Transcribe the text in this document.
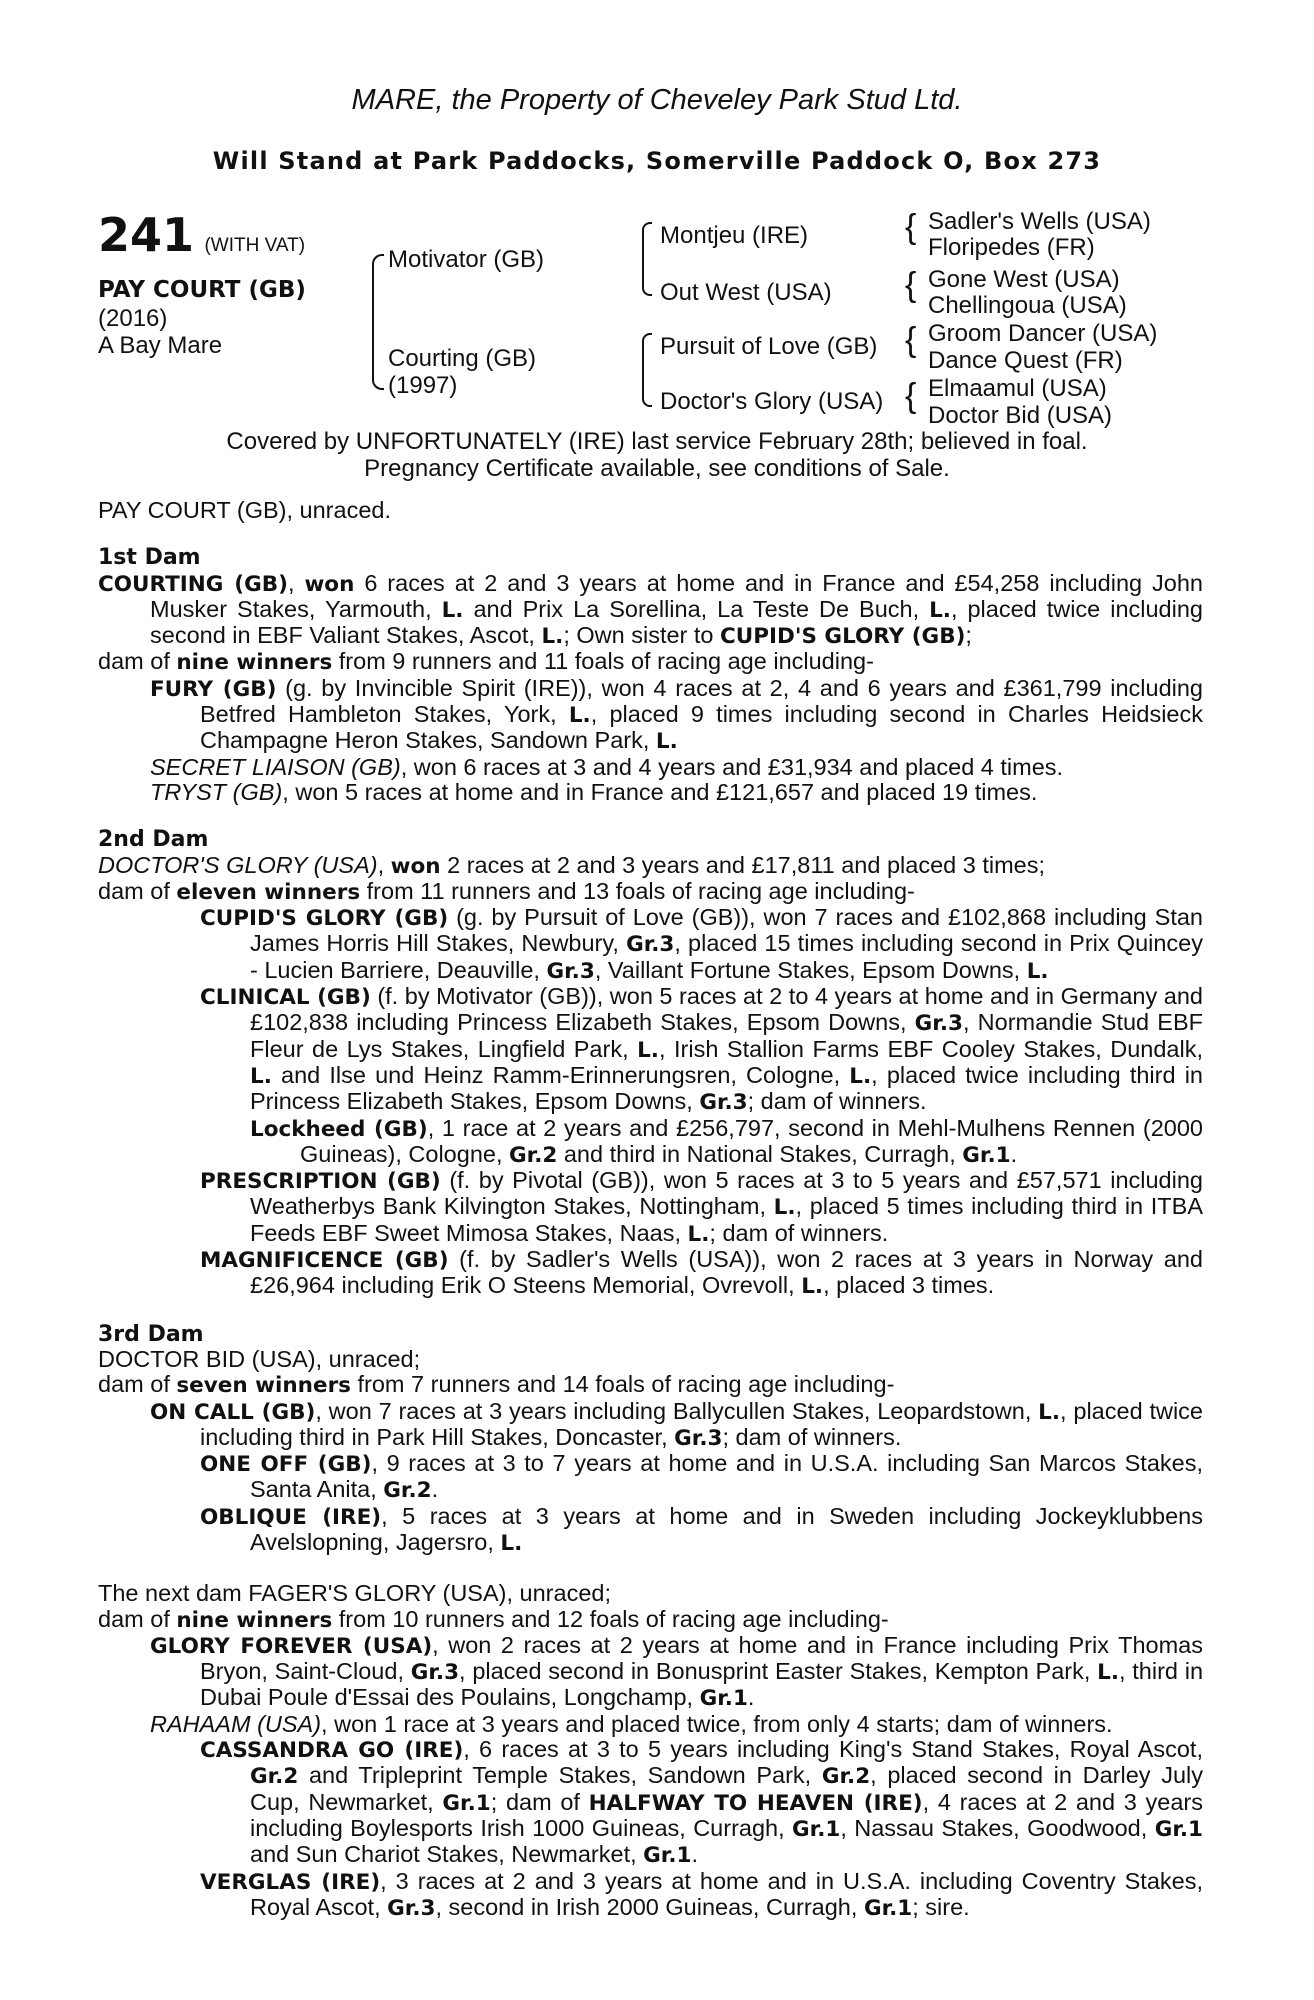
MARE, the Property of Cheveley Park Stud Ltd.
Will Stand at Park Paddocks, Somerville Paddock O, Box 273
241 (WITH VAT)
PAY COURT (GB)
(2016)
A Bay Mare
Motivator (GB)
Courting (GB)
(1997)
Montjeu (IRE)
Out West (USA)
Pursuit of Love (GB)
Doctor's Glory (USA)
{ Sadler's Wells (USA)
Floripedes (FR)
{ Gone West (USA)
Chellingoua (USA)
{ Groom Dancer (USA)
Dance Quest (FR)
{ Elmaamul (USA)
Doctor Bid (USA)
Covered by UNFORTUNATELY (IRE) last service February 28th; believed in foal.
Pregnancy Certificate available, see conditions of Sale.
PAY COURT (GB), unraced.
1st Dam
COURTING (GB), won 6 races at 2 and 3 years at home and in France and £54,258 including John Musker Stakes, Yarmouth, L. and Prix La Sorellina, La Teste De Buch, L., placed twice including second in EBF Valiant Stakes, Ascot, L.; Own sister to CUPID'S GLORY (GB);
dam of nine winners from 9 runners and 11 foals of racing age including-
FURY (GB) (g. by Invincible Spirit (IRE)), won 4 races at 2, 4 and 6 years and £361,799 including Betfred Hambleton Stakes, York, L., placed 9 times including second in Charles Heidsieck Champagne Heron Stakes, Sandown Park, L.
SECRET LIAISON (GB), won 6 races at 3 and 4 years and £31,934 and placed 4 times.
TRYST (GB), won 5 races at home and in France and £121,657 and placed 19 times.
2nd Dam
DOCTOR'S GLORY (USA), won 2 races at 2 and 3 years and £17,811 and placed 3 times;
dam of eleven winners from 11 runners and 13 foals of racing age including-
CUPID'S GLORY (GB) (g. by Pursuit of Love (GB)), won 7 races and £102,868 including Stan James Horris Hill Stakes, Newbury, Gr.3, placed 15 times including second in Prix Quincey - Lucien Barriere, Deauville, Gr.3, Vaillant Fortune Stakes, Epsom Downs, L.
CLINICAL (GB) (f. by Motivator (GB)), won 5 races at 2 to 4 years at home and in Germany and £102,838 including Princess Elizabeth Stakes, Epsom Downs, Gr.3, Normandie Stud EBF Fleur de Lys Stakes, Lingfield Park, L., Irish Stallion Farms EBF Cooley Stakes, Dundalk, L. and Ilse und Heinz Ramm-Erinnerungsren, Cologne, L., placed twice including third in Princess Elizabeth Stakes, Epsom Downs, Gr.3; dam of winners.
Lockheed (GB), 1 race at 2 years and £256,797, second in Mehl-Mulhens Rennen (2000 Guineas), Cologne, Gr.2 and third in National Stakes, Curragh, Gr.1.
PRESCRIPTION (GB) (f. by Pivotal (GB)), won 5 races at 3 to 5 years and £57,571 including Weatherbys Bank Kilvington Stakes, Nottingham, L., placed 5 times including third in ITBA Feeds EBF Sweet Mimosa Stakes, Naas, L.; dam of winners.
MAGNIFICENCE (GB) (f. by Sadler's Wells (USA)), won 2 races at 3 years in Norway and £26,964 including Erik O Steens Memorial, Ovrevoll, L., placed 3 times.
3rd Dam
DOCTOR BID (USA), unraced;
dam of seven winners from 7 runners and 14 foals of racing age including-
ON CALL (GB), won 7 races at 3 years including Ballycullen Stakes, Leopardstown, L., placed twice including third in Park Hill Stakes, Doncaster, Gr.3; dam of winners.
ONE OFF (GB), 9 races at 3 to 7 years at home and in U.S.A. including San Marcos Stakes, Santa Anita, Gr.2.
OBLIQUE (IRE), 5 races at 3 years at home and in Sweden including Jockeyklubbens Avelslopning, Jagersro, L.
The next dam FAGER'S GLORY (USA), unraced;
dam of nine winners from 10 runners and 12 foals of racing age including-
GLORY FOREVER (USA), won 2 races at 2 years at home and in France including Prix Thomas Bryon, Saint-Cloud, Gr.3, placed second in Bonusprint Easter Stakes, Kempton Park, L., third in Dubai Poule d'Essai des Poulains, Longchamp, Gr.1.
RAHAAM (USA), won 1 race at 3 years and placed twice, from only 4 starts; dam of winners.
CASSANDRA GO (IRE), 6 races at 3 to 5 years including King's Stand Stakes, Royal Ascot, Gr.2 and Tripleprint Temple Stakes, Sandown Park, Gr.2, placed second in Darley July Cup, Newmarket, Gr.1; dam of HALFWAY TO HEAVEN (IRE), 4 races at 2 and 3 years including Boylesports Irish 1000 Guineas, Curragh, Gr.1, Nassau Stakes, Goodwood, Gr.1 and Sun Chariot Stakes, Newmarket, Gr.1.
VERGLAS (IRE), 3 races at 2 and 3 years at home and in U.S.A. including Coventry Stakes, Royal Ascot, Gr.3, second in Irish 2000 Guineas, Curragh, Gr.1; sire.
